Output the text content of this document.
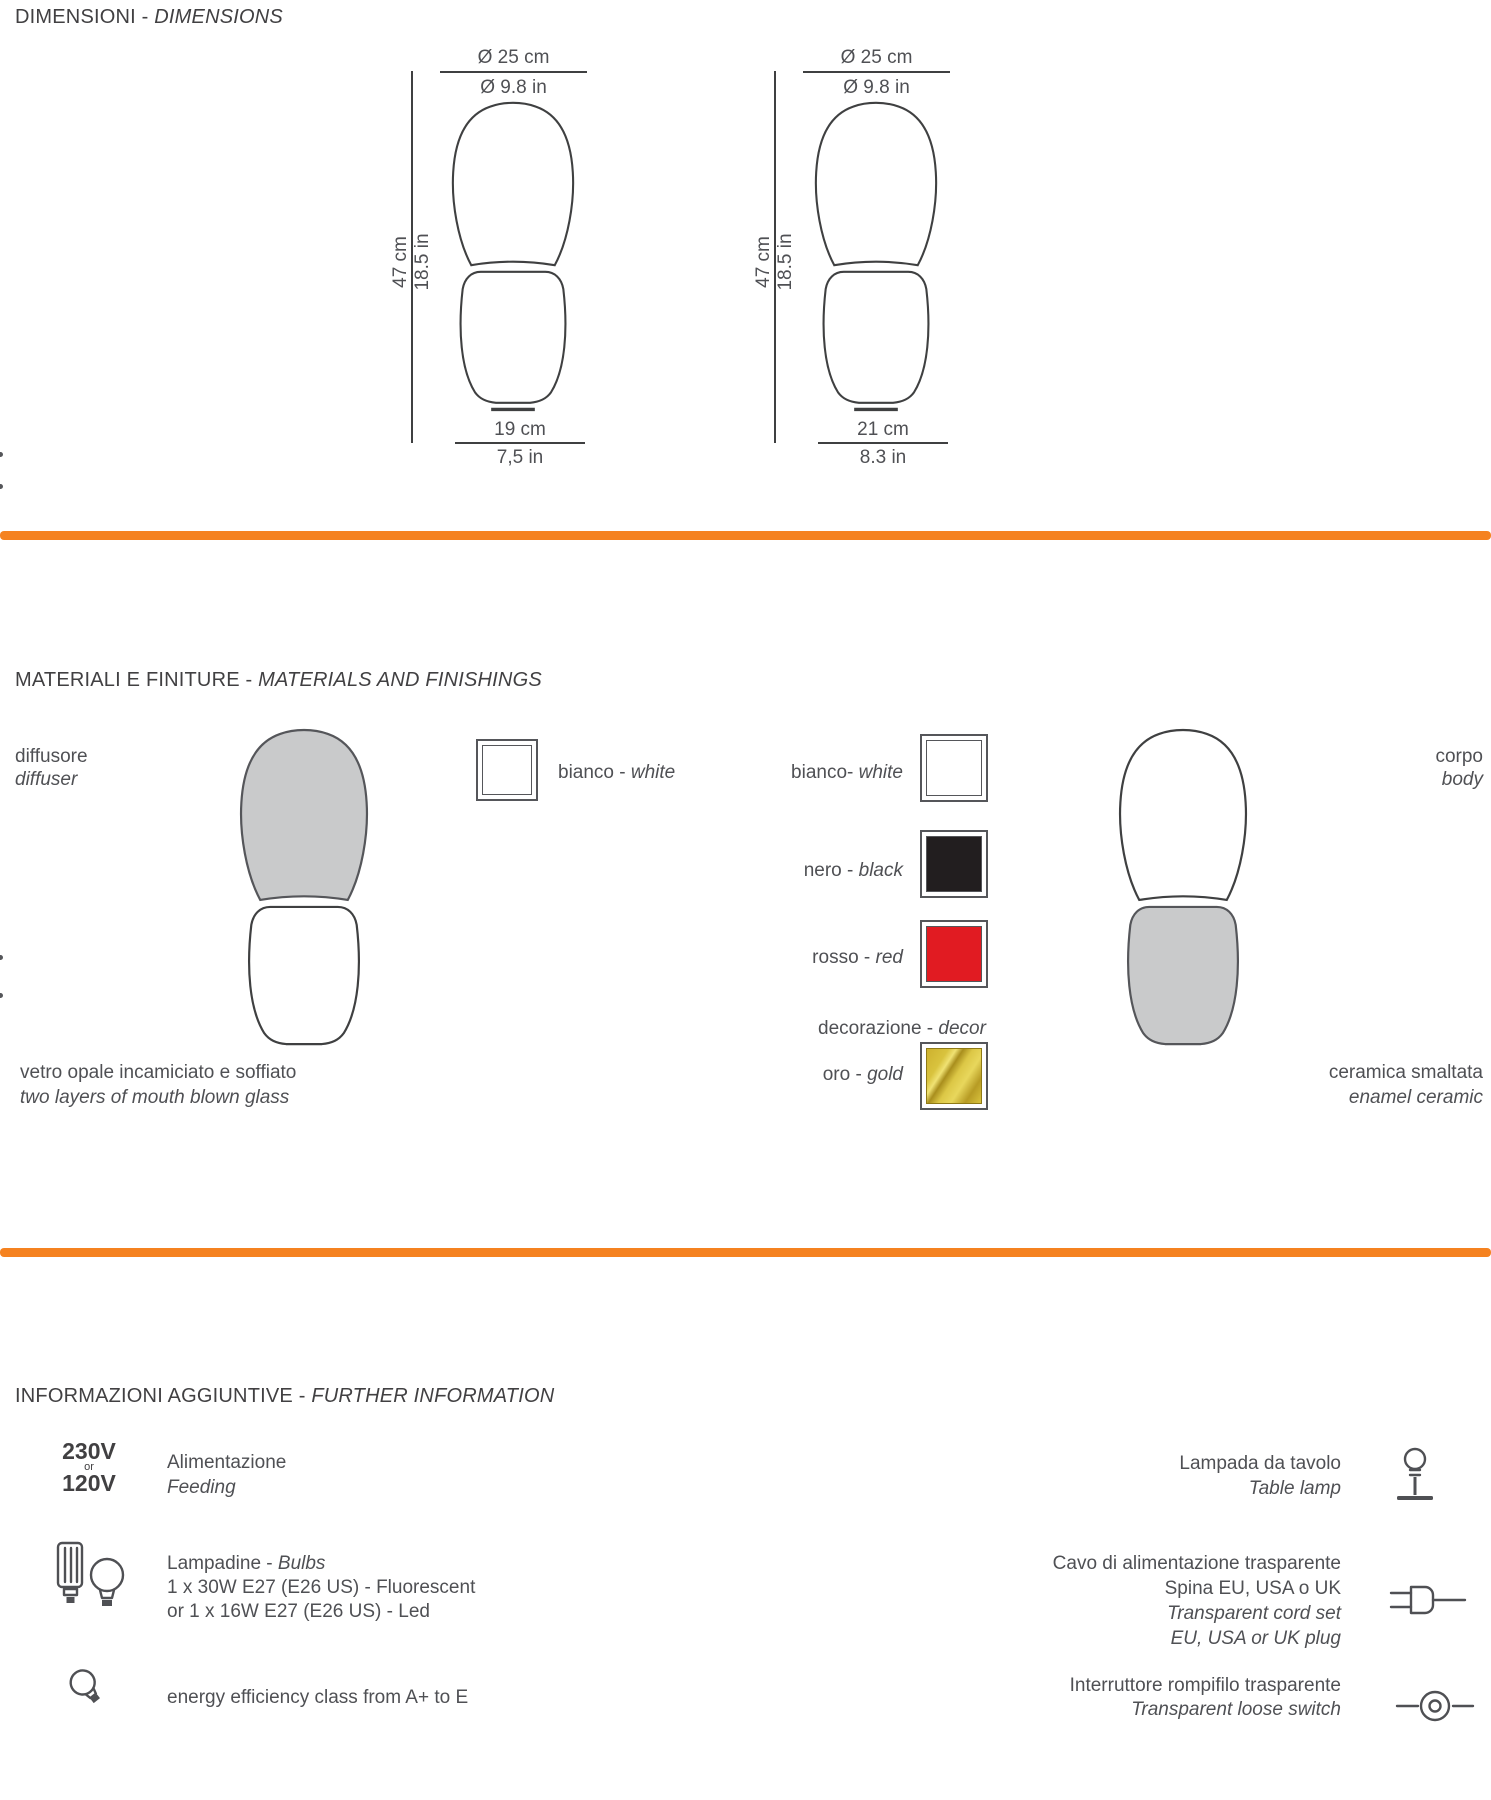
DIMENSIONI - DIMENSIONS
Ø 25 cm
Ø 9.8 in
47 cm 18.5 in
19 cm
7,5 in
Ø 25 cm
Ø 9.8 in
47 cm 18.5 in
21 cm
8.3 in
MATERIALI E FINITURE - MATERIALS AND FINISHINGS
diffusore
diffuser	bianco - white	bianco- white
nero - black
rosso - red
decorazione - decor
oro - gold
corpo
body
vetro opale incamiciato e soffiato
two layers of mouth blown glass
ceramica smaltata
enamel ceramic
INFORMAZIONI AGGIUNTIVE - FURTHER INFORMATION
230V
or
120V
Alimentazione
Feeding
Lampada da tavolo
Table lamp
Lampadine - Bulbs
1 x 30W E27 (E26 US) - Fluorescent
or 1 x 16W E27 (E26 US) - Led
Cavo di alimentazione trasparente
Spina EU, USA o UK
Transparent cord set
EU, USA or UK plug
energy efficiency class from A+ to E
Interruttore rompifilo trasparente
Transparent loose switch
